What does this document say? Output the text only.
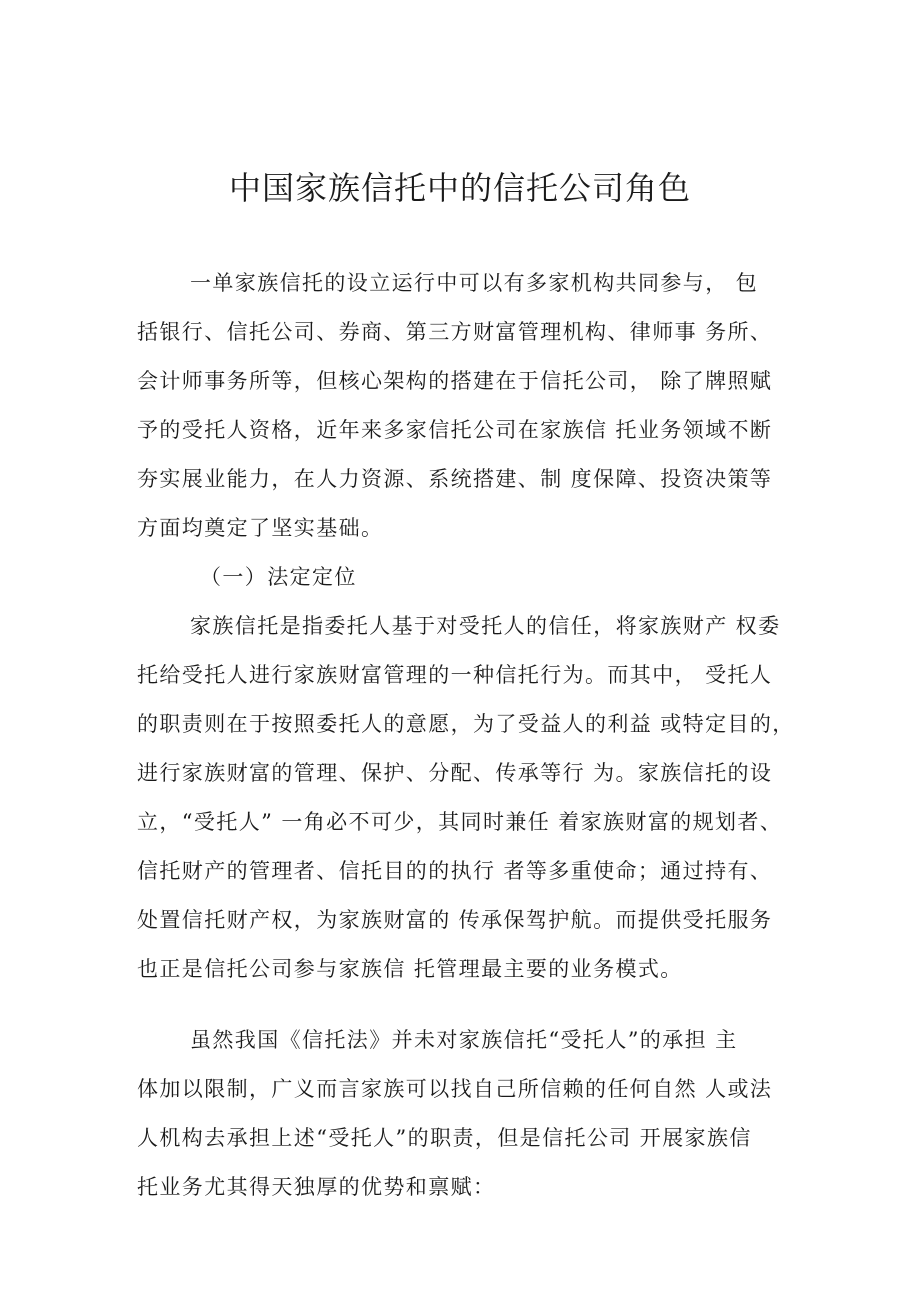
中国家族信托中的信托公司角色

一单家族信托的设立运行中可以有多家机构共同参与， 包

括银行、信托公司、券商、第三方财富管理机构、律师事 务所、

会计师事务所等，但核心架构的搭建在于信托公司， 除了牌照赋

予的受托人资格，近年来多家信托公司在家族信 托业务领域不断

夯实展业能力，在人力资源、系统搭建、制 度保障、投资决策等

方面均奠定了坚实基础。

（一）法定定位

家族信托是指委托人基于对受托人的信任，将家族财产 权委

托给受托人进行家族财富管理的一种信托行为。而其中， 受托人

的职责则在于按照委托人的意愿，为了受益人的利益 或特定目的，

进行家族财富的管理、保护、分配、传承等行 为。家族信托的设

立，“受托人” 一角必不可少，其同时兼任 着家族财富的规划者、

信托财产的管理者、信托目的的执行 者等多重使命；通过持有、

处置信托财产权，为家族财富的 传承保驾护航。而提供受托服务

也正是信托公司参与家族信 托管理最主要的业务模式。

虽然我国《信托法》并未对家族信托“受托人”的承担 主

体加以限制，广义而言家族可以找自己所信赖的任何自然 人或法

人机构去承担上述“受托人”的职责，但是信托公司 开展家族信

托业务尤其得天独厚的优势和禀赋：
